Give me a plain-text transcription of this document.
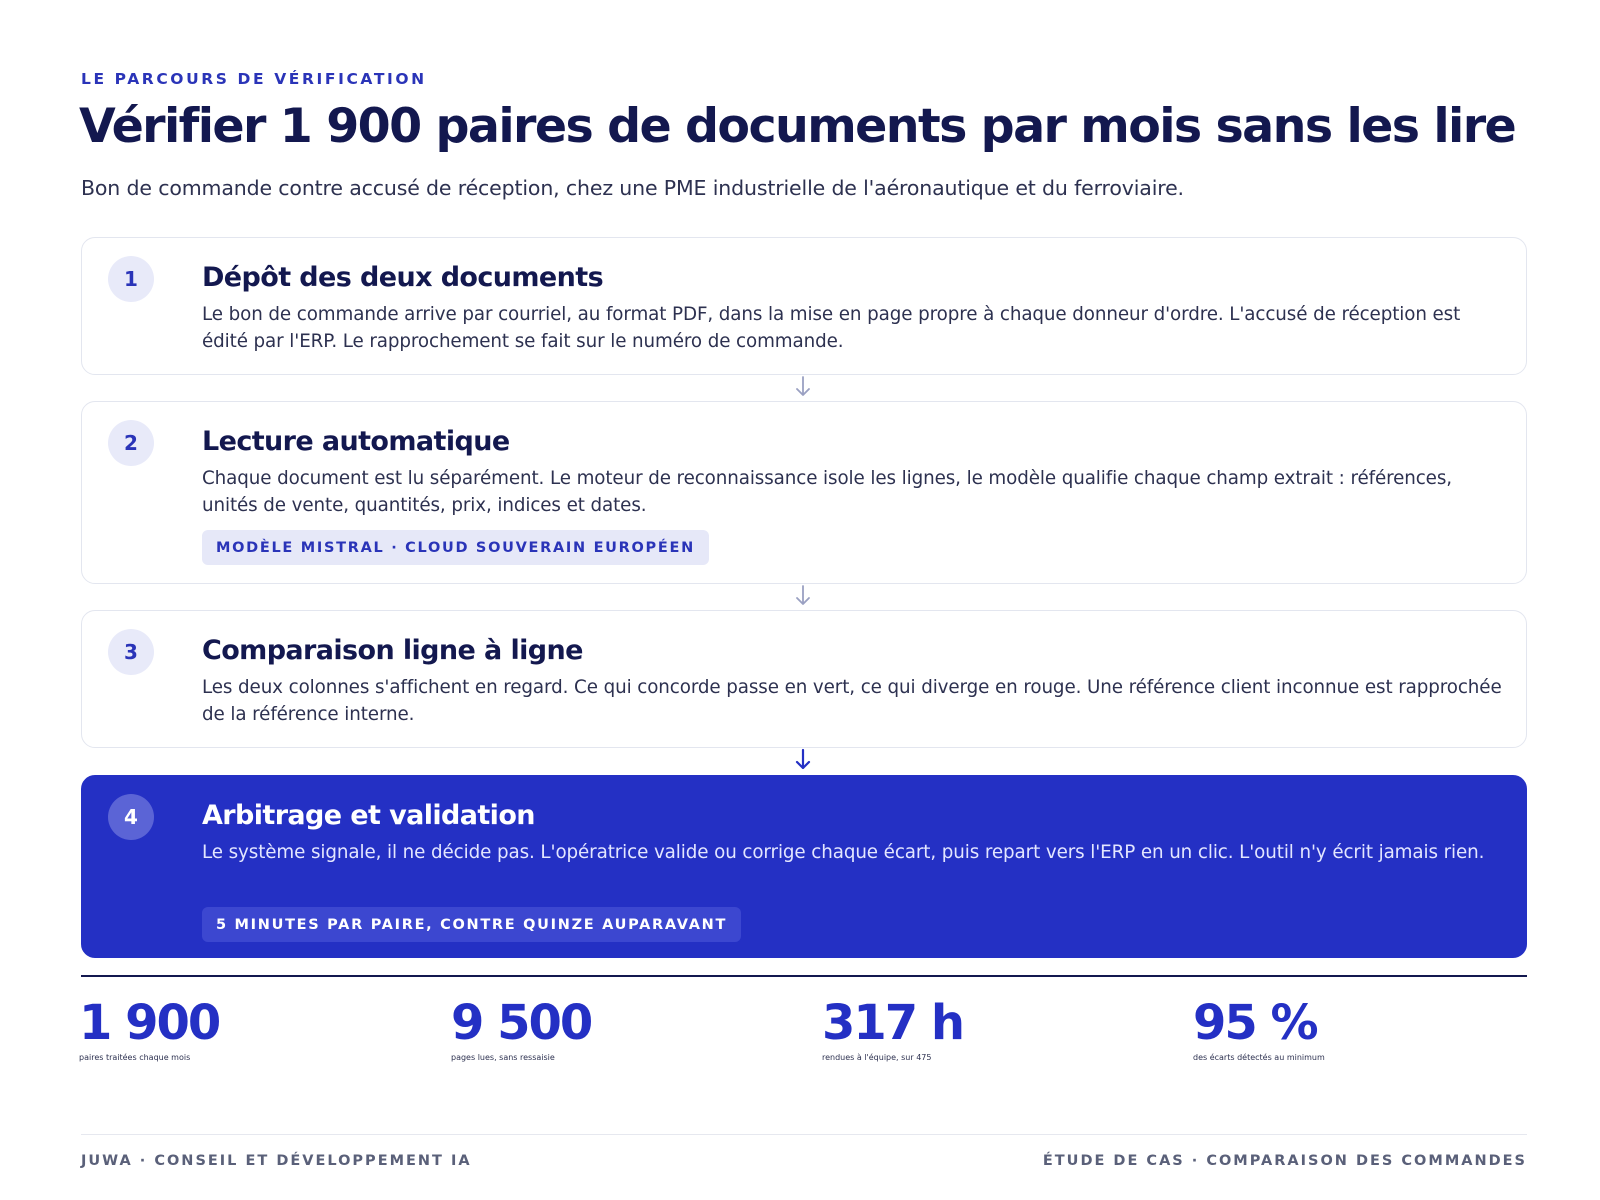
LE PARCOURS DE VÉRIFICATION
Vérifier 1 900 paires de documents par mois sans les lire

Bon de commande contre accusé de réception, chez une PME industrielle de l'aéronautique et du ferroviaire.

1	Dépôt des deux documents
Le bon de commande arrive par courriel, au format PDF, dans la mise en page propre à chaque donneur d'ordre. L'accusé de réception est édité par l'ERP. Le rapprochement se fait sur le numéro de commande.
2	Lecture automatique
Chaque document est lu séparément. Le moteur de reconnaissance isole les lignes, le modèle qualifie chaque champ extrait : références, unités de vente, quantités, prix, indices et dates.
MODÈLE MISTRAL · CLOUD SOUVERAIN EUROPÉEN
3	Comparaison ligne à ligne
Les deux colonnes s'affichent en regard. Ce qui concorde passe en vert, ce qui diverge en rouge. Une référence client inconnue est rapprochée de la référence interne.
4	Arbitrage et validation
Le système signale, il ne décide pas. L'opératrice valide ou corrige chaque écart, puis repart vers l'ERP en un clic. L'outil n'y écrit jamais rien.
5 MINUTES PAR PAIRE, CONTRE QUINZE AUPARAVANT
1 900
paires traitées chaque mois
9 500
pages lues, sans ressaisie
317 h
rendues à l'équipe, sur 475
95 %
des écarts détectés au minimum
JUWA · CONSEIL ET DÉVELOPPEMENT IA	ÉTUDE DE CAS · COMPARAISON DES COMMANDES
